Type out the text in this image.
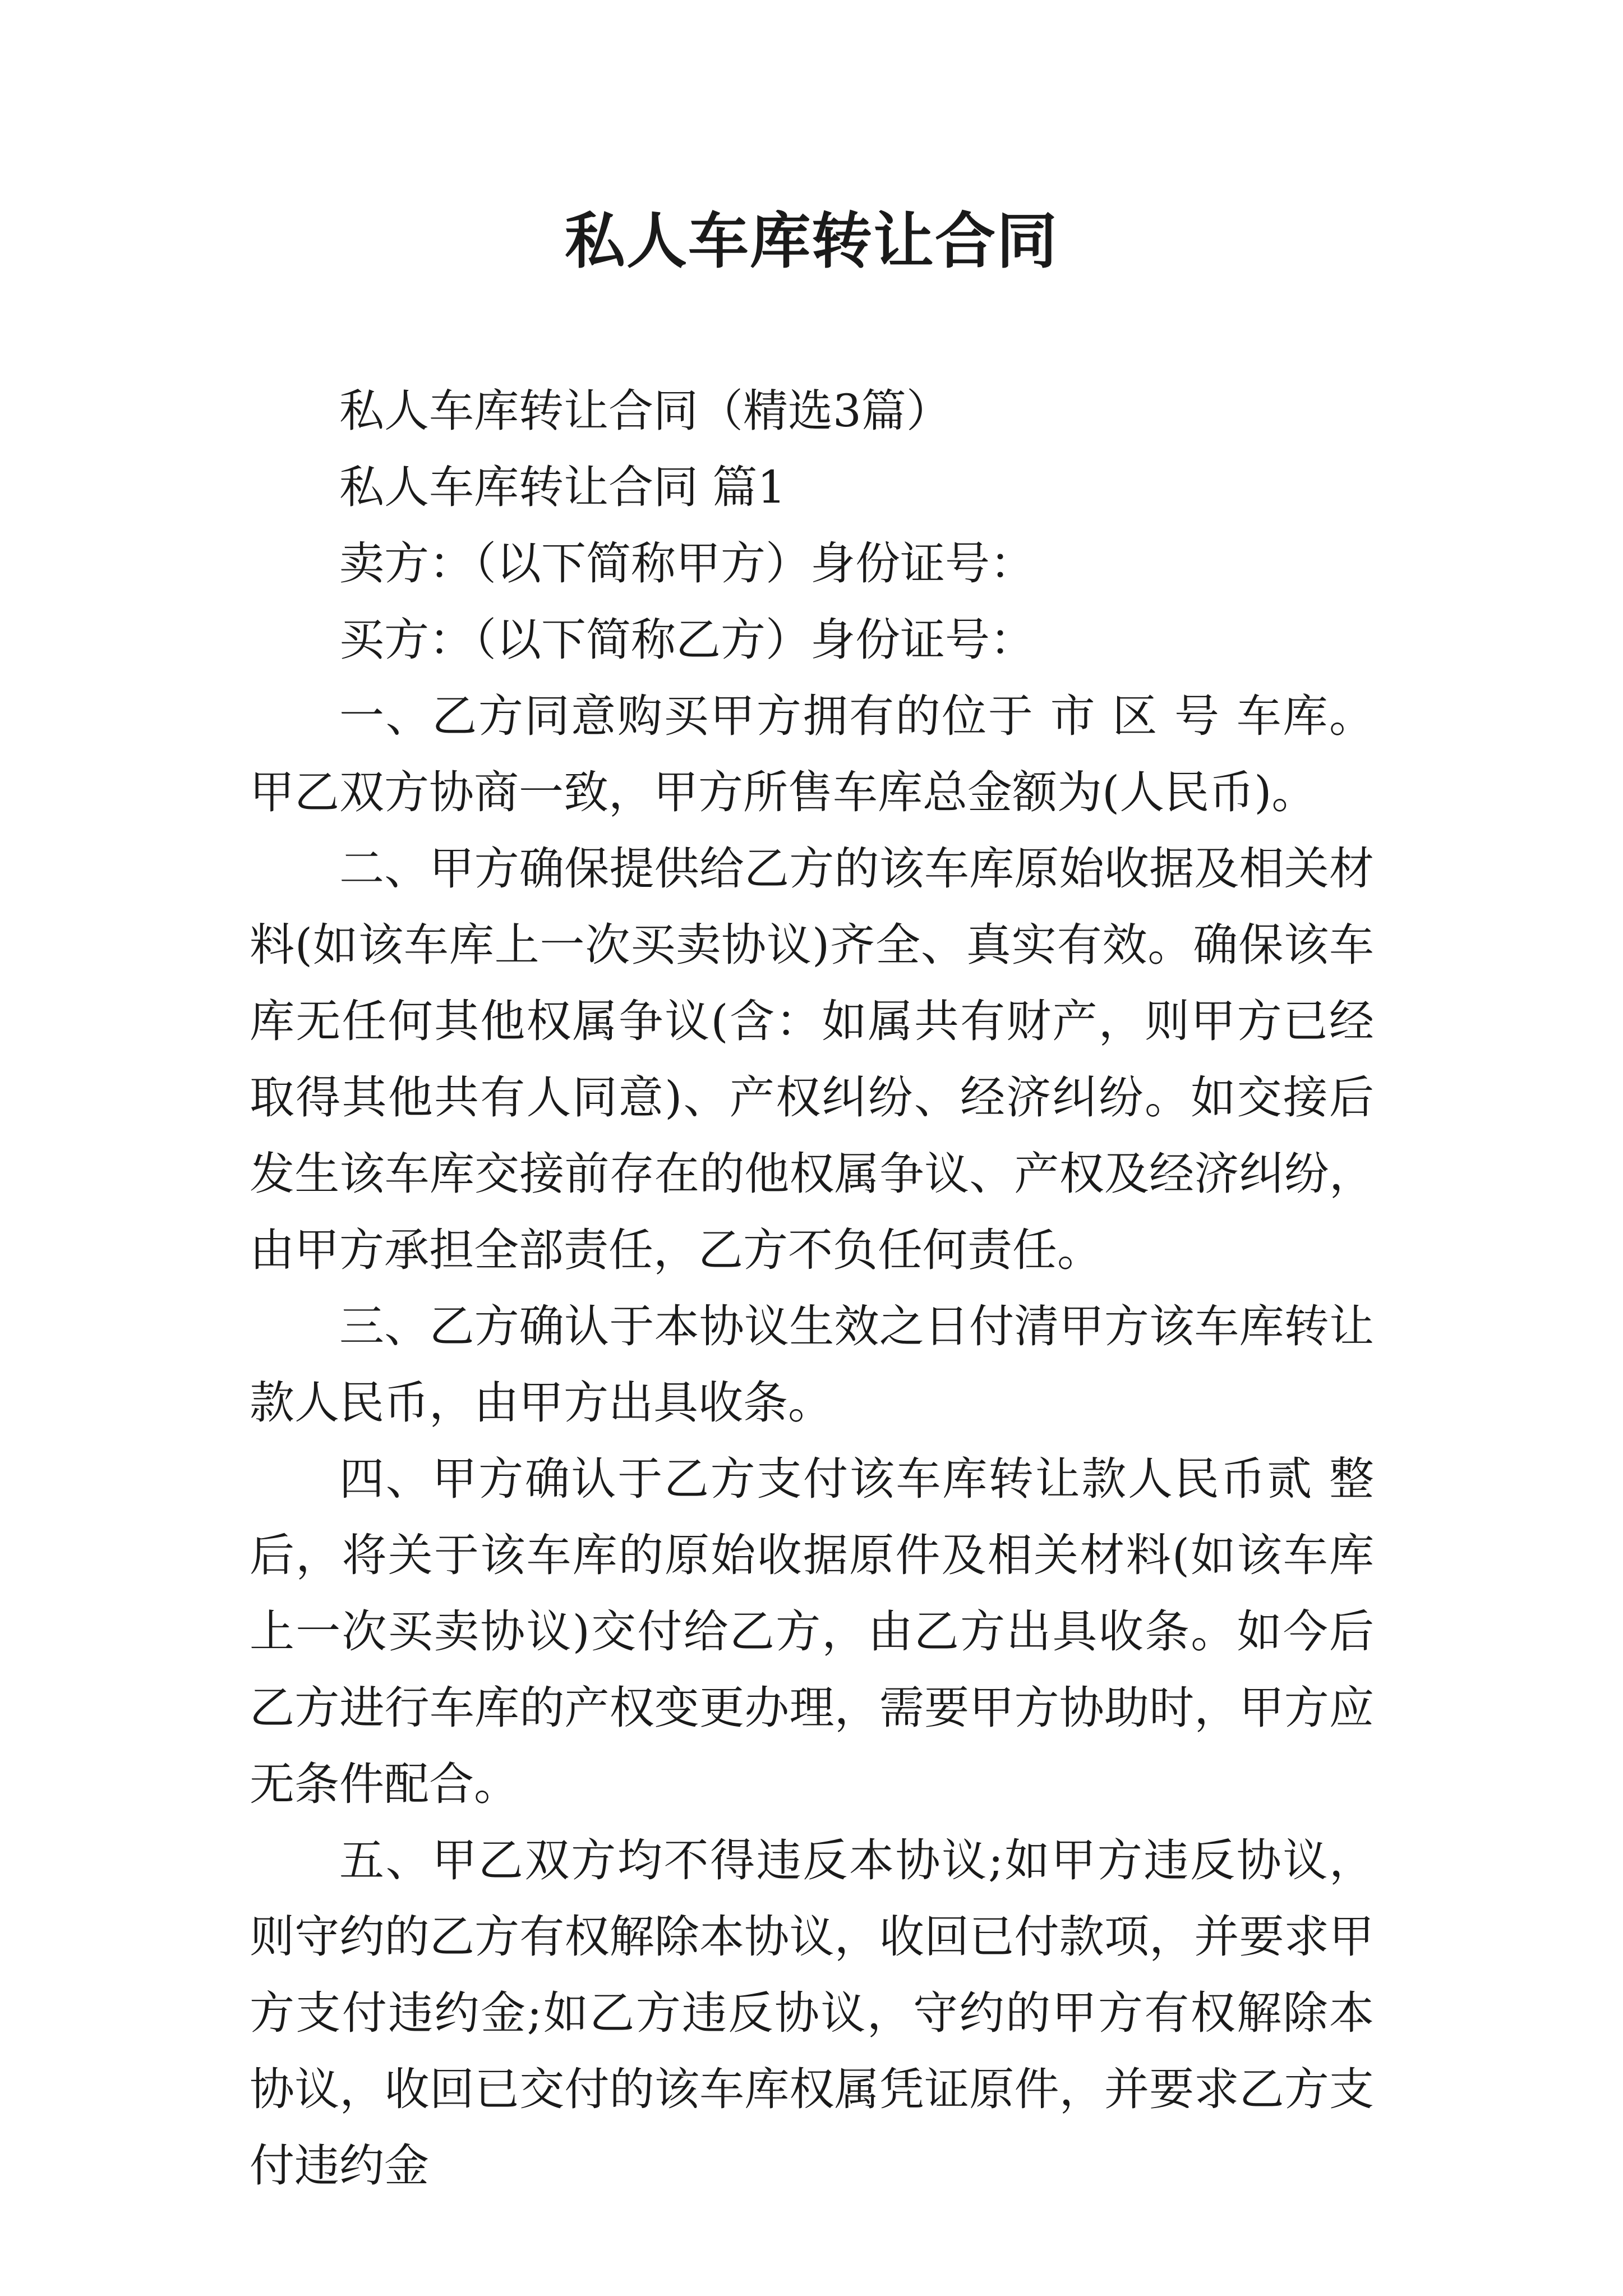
私人车库转让合同

私人车库转让合同（精选3篇）

私人车库转让合同 篇1

卖方：（以下简称甲方）身份证号：

买方：（以下简称乙方）身份证号：

一、乙方同意购买甲方拥有的位于 市 区 号 车库。甲乙双方协商一致，甲方所售车库总金额为(人民币)。

二、甲方确保提供给乙方的该车库原始收据及相关材料(如该车库上一次买卖协议)齐全、真实有效。确保该车库无任何其他权属争议(含：如属共有财产，则甲方已经取得其他共有人同意)、产权纠纷、经济纠纷。如交接后发生该车库交接前存在的他权属争议、产权及经济纠纷，由甲方承担全部责任，乙方不负任何责任。

三、乙方确认于本协议生效之日付清甲方该车库转让款人民币，由甲方出具收条。

四、甲方确认于乙方支付该车库转让款人民币贰 整后，将关于该车库的原始收据原件及相关材料(如该车库上一次买卖协议)交付给乙方，由乙方出具收条。如今后乙方进行车库的产权变更办理，需要甲方协助时，甲方应无条件配合。

五、甲乙双方均不得违反本协议;如甲方违反协议，则守约的乙方有权解除本协议，收回已付款项，并要求甲方支付违约金;如乙方违反协议，守约的甲方有权解除本协议，收回已交付的该车库权属凭证原件，并要求乙方支付违约金
